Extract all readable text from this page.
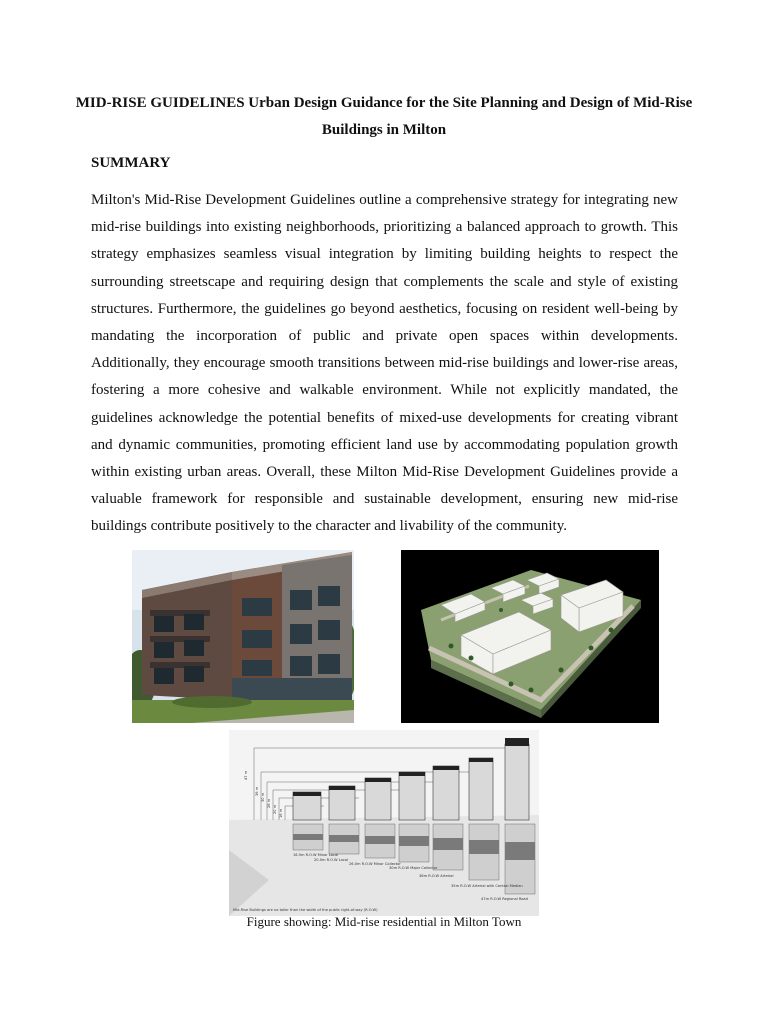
MID-RISE GUIDELINES Urban Design Guidance for the Site Planning and Design of Mid-Rise Buildings in Milton
SUMMARY
Milton's Mid-Rise Development Guidelines outline a comprehensive strategy for integrating new mid-rise buildings into existing neighborhoods, prioritizing a balanced approach to growth. This strategy emphasizes seamless visual integration by limiting building heights to respect the surrounding streetscape and requiring design that complements the scale and style of existing structures. Furthermore, the guidelines go beyond aesthetics, focusing on resident well-being by mandating the incorporation of public and private open spaces within developments. Additionally, they encourage smooth transitions between mid-rise buildings and lower-rise areas, fostering a more cohesive and walkable environment. While not explicitly mandated, the guidelines acknowledge the potential benefits of mixed-use developments for creating vibrant and dynamic communities, promoting efficient land use by accommodating population growth within existing urban areas. Overall, these Milton Mid-Rise Development Guidelines provide a valuable framework for responsible and sustainable development, ensuring new mid-rise buildings contribute positively to the character and livability of the community.
47 m
36 m
30 m
26 m
20 m 16 m
16.5m R.O.W Minor Local
20.0m R.O.W Local
26.0m R.O.W Minor Collector
30m R.O.W Major Collector
36m R.O.W Arterial
35m R.O.W Arterial with Central Median
47m R.O.W Regional Road
Mid-Rise Buildings are no taller than the width of the public right-of-way (R.O.W)
Figure showing: Mid-rise residential in Milton Town
